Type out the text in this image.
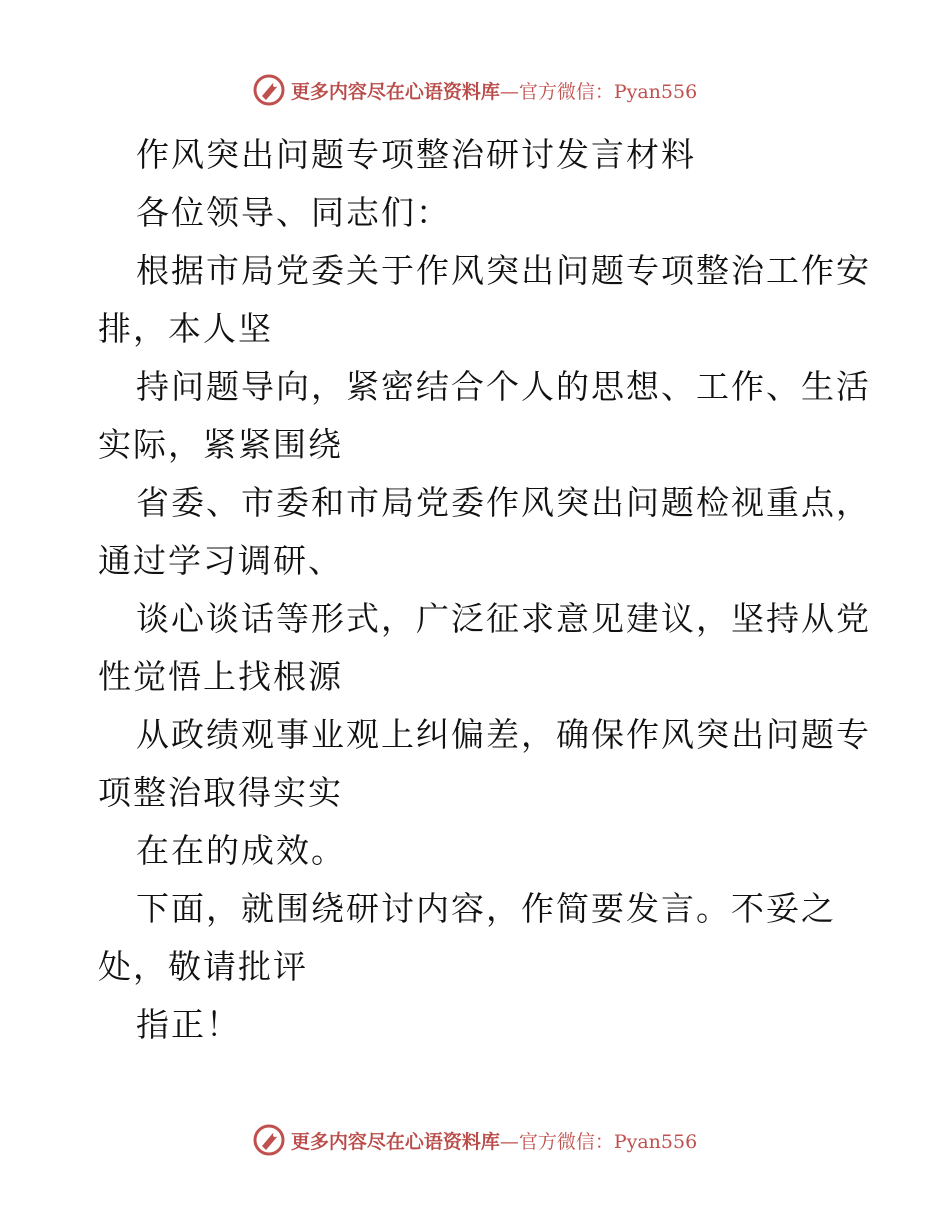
更多内容尽在心语资料库—官方微信：Pyan556
作风突出问题专项整治研讨发言材料
各位领导、同志们：
根据市局党委关于作风突出问题专项整治工作安
排，本人坚
持问题导向，紧密结合个人的思想、工作、生活
实际，紧紧围绕
省委、市委和市局党委作风突出问题检视重点，
通过学习调研、
谈心谈话等形式，广泛征求意见建议，坚持从党
性觉悟上找根源
从政绩观事业观上纠偏差，确保作风突出问题专
项整治取得实实
在在的成效。
下面，就围绕研讨内容，作简要发言。不妥之
处，敬请批评
指正！
更多内容尽在心语资料库—官方微信：Pyan556
